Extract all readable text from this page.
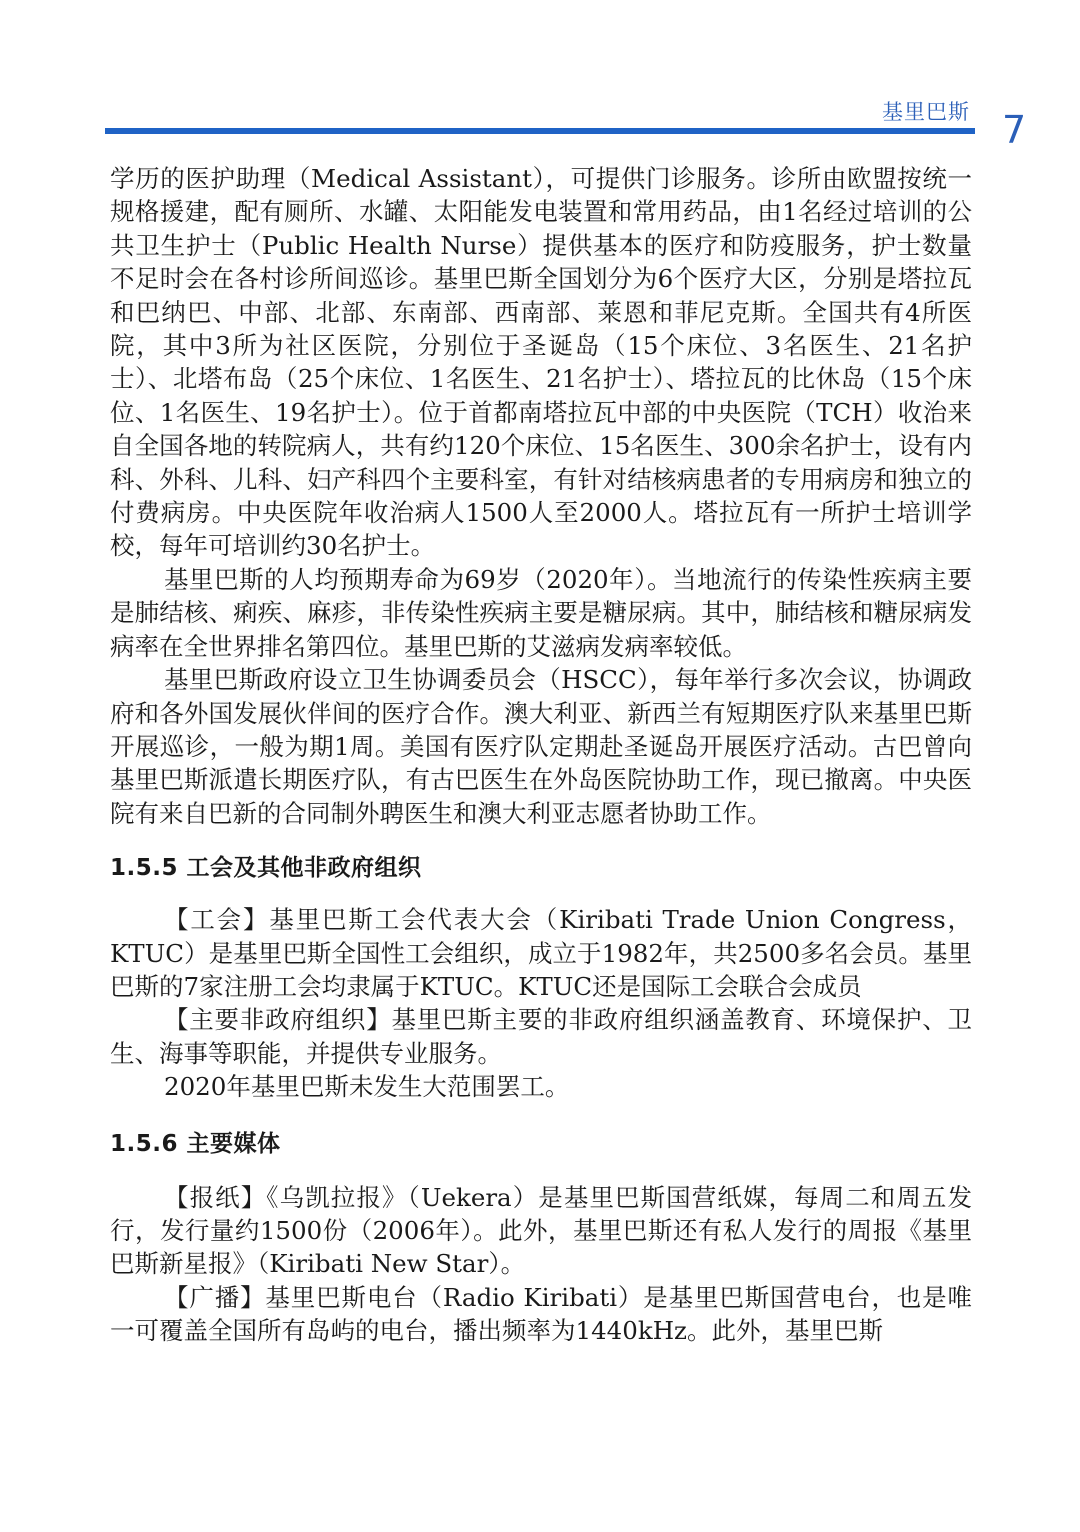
基里巴斯 7

学历的医护助理（Medical Assistant），可提供门诊服务。诊所由欧盟按统一规格援建，配有厕所、水罐、太阳能发电装置和常用药品，由1名经过培训的公共卫生护士（Public Health Nurse）提供基本的医疗和防疫服务，护士数量不足时会在各村诊所间巡诊。基里巴斯全国划分为6个医疗大区，分别是塔拉瓦和巴纳巴、中部、北部、东南部、西南部、莱恩和菲尼克斯。全国共有4所医院，其中3所为社区医院，分别位于圣诞岛（15个床位、3名医生、21名护士）、北塔布岛（25个床位、1名医生、21名护士）、塔拉瓦的比休岛（15个床位、1名医生、19名护士）。位于首都南塔拉瓦中部的中央医院（TCH）收治来自全国各地的转院病人，共有约120个床位、15名医生、300余名护士，设有内科、外科、儿科、妇产科四个主要科室，有针对结核病患者的专用病房和独立的付费病房。中央医院年收治病人1500人至2000人。塔拉瓦有一所护士培训学校，每年可培训约30名护士。

基里巴斯的人均预期寿命为69岁（2020年）。当地流行的传染性疾病主要是肺结核、痢疾、麻疹，非传染性疾病主要是糖尿病。其中，肺结核和糖尿病发病率在全世界排名第四位。基里巴斯的艾滋病发病率较低。

基里巴斯政府设立卫生协调委员会（HSCC），每年举行多次会议，协调政府和各外国发展伙伴间的医疗合作。澳大利亚、新西兰有短期医疗队来基里巴斯开展巡诊，一般为期1周。美国有医疗队定期赴圣诞岛开展医疗活动。古巴曾向基里巴斯派遣长期医疗队，有古巴医生在外岛医院协助工作，现已撤离。中央医院有来自巴新的合同制外聘医生和澳大利亚志愿者协助工作。

1.5.5 工会及其他非政府组织

【工会】基里巴斯工会代表大会（Kiribati Trade Union Congress，KTUC）是基里巴斯全国性工会组织，成立于1982年，共2500多名会员。基里巴斯的7家注册工会均隶属于KTUC。KTUC还是国际工会联合会成员

【主要非政府组织】基里巴斯主要的非政府组织涵盖教育、环境保护、卫生、海事等职能，并提供专业服务。

2020年基里巴斯未发生大范围罢工。

1.5.6 主要媒体

【报纸】《乌凯拉报》（Uekera）是基里巴斯国营纸媒，每周二和周五发行，发行量约1500份（2006年）。此外，基里巴斯还有私人发行的周报《基里巴斯新星报》（Kiribati New Star）。

【广播】基里巴斯电台（Radio Kiribati）是基里巴斯国营电台，也是唯一可覆盖全国所有岛屿的电台，播出频率为1440kHz。此外，基里巴斯
